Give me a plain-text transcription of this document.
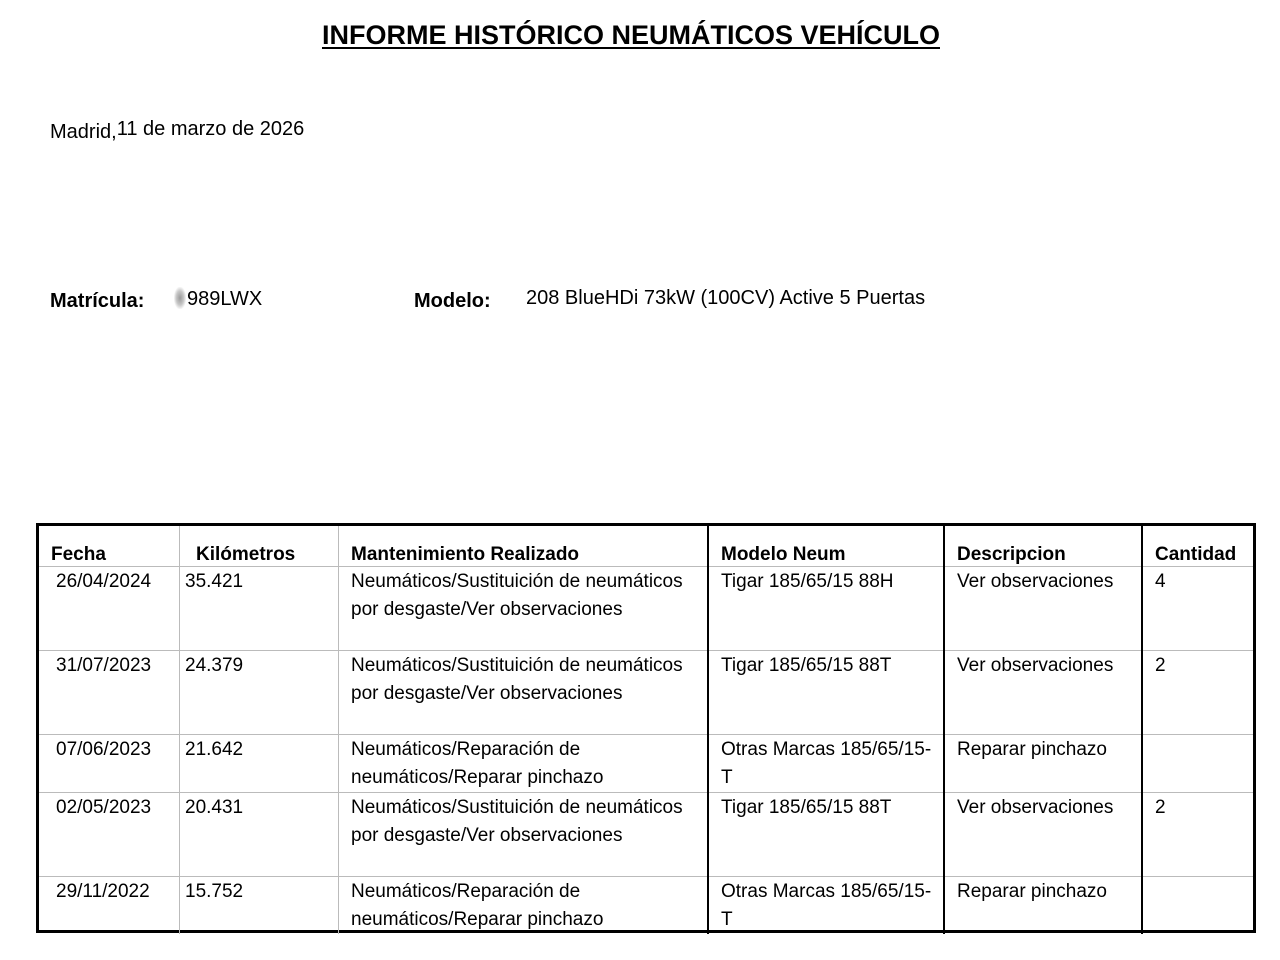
INFORME HISTÓRICO NEUMÁTICOS VEHÍCULO
Madrid,11 de marzo de 2026
Matrícula:	989LWX	Modelo: 208 BlueHDi 73kW (100CV) Active 5 Puertas
Fecha	Kilómetros	Mantenimiento Realizado	Modelo Neum	Descripcion	Cantidad
26/04/2024	35.421	Neumáticos/Sustituición de neumáticos por desgaste/Ver observaciones	Tigar 185/65/15 88H	Ver observaciones	4
31/07/2023	24.379	Neumáticos/Sustituición de neumáticos por desgaste/Ver observaciones	Tigar 185/65/15 88T	Ver observaciones	2
07/06/2023	21.642	Neumáticos/Reparación de neumáticos/Reparar pinchazo	Otras Marcas 185/65/15-T	Reparar pinchazo	
02/05/2023	20.431	Neumáticos/Sustituición de neumáticos por desgaste/Ver observaciones	Tigar 185/65/15 88T	Ver observaciones	2
29/11/2022	15.752	Neumáticos/Reparación de neumáticos/Reparar pinchazo	Otras Marcas 185/65/15-T	Reparar pinchazo	
